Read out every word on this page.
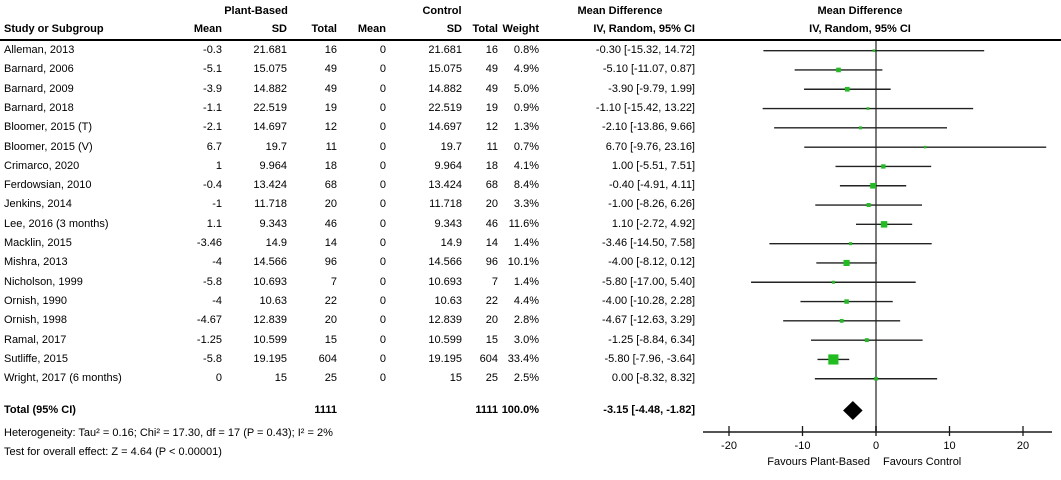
Plant-Based	Control	Mean Difference	Mean Difference
Study or Subgroup	Mean	SD	Total	Mean	SD Total Weight	IV, Random, 95% CI	IV, Random, 95% CI
Alleman, 2013	-0.3	21.681	16	0	21.681	16	0.8%	-0.30 [-15.32, 14.72]
Barnard, 2006	-5.1	15.075	49	0	15.075	49	4.9%	-5.10 [-11.07, 0.87]
Barnard, 2009	-3.9	14.882	49	0	14.882	49	5.0%	-3.90 [-9.79, 1.99]
Barnard, 2018	-1.1	22.519	19	0	22.519	19	0.9%	-1.10 [-15.42, 13.22]
Bloomer, 2015 (T)	-2.1	14.697	12	0	14.697	12	1.3%	-2.10 [-13.86, 9.66]
Bloomer, 2015 (V)	6.7	19.7	11	0	19.7	11	0.7%	6.70 [-9.76, 23.16]
Crimarco, 2020	1	9.964	18	0	9.964	18	4.1%	1.00 [-5.51, 7.51]
Ferdowsian, 2010	-0.4	13.424	68	0	13.424	68	8.4%	-0.40 [-4.91, 4.11]
Jenkins, 2014	-1	11.718	20	0	11.718	20	3.3%	-1.00 [-8.26, 6.26]
Lee, 2016 (3 months)	1.1	9.343	46	0	9.343	46 11.6%	1.10 [-2.72, 4.92]
Macklin, 2015	-3.46	14.9	14	0	14.9	14	1.4%	-3.46 [-14.50, 7.58]
Mishra, 2013	-4	14.566	96	0	14.566	96 10.1%	-4.00 [-8.12, 0.12]
Nicholson, 1999	-5.8	10.693	7	0	10.693	7	1.4%	-5.80 [-17.00, 5.40]
Ornish, 1990	-4	10.63	22	0	10.63	22	4.4%	-4.00 [-10.28, 2.28]
Ornish, 1998	-4.67	12.839	20	0	12.839	20	2.8%	-4.67 [-12.63, 3.29]
Ramal, 2017	-1.25	10.599	15	0	10.599	15	3.0%	-1.25 [-8.84, 6.34]
Sutliffe, 2015	-5.8	19.195	604	0	19.195	604 33.4%	-5.80 [-7.96, -3.64]
Wright, 2017 (6 months)	0	15	25	0	15	25	2.5%	0.00 [-8.32, 8.32]
Total (95% CI)	1111	1111 100.0%	-3.15 [-4.48, -1.82]
Heterogeneity: Tau² = 0.16; Chi² = 17.30, df = 17 (P = 0.43); I² = 2%
Test for overall effect: Z = 4.64 (P < 0.00001)	-20	-10	0	10	20
Favours Plant-Based Favours Control
